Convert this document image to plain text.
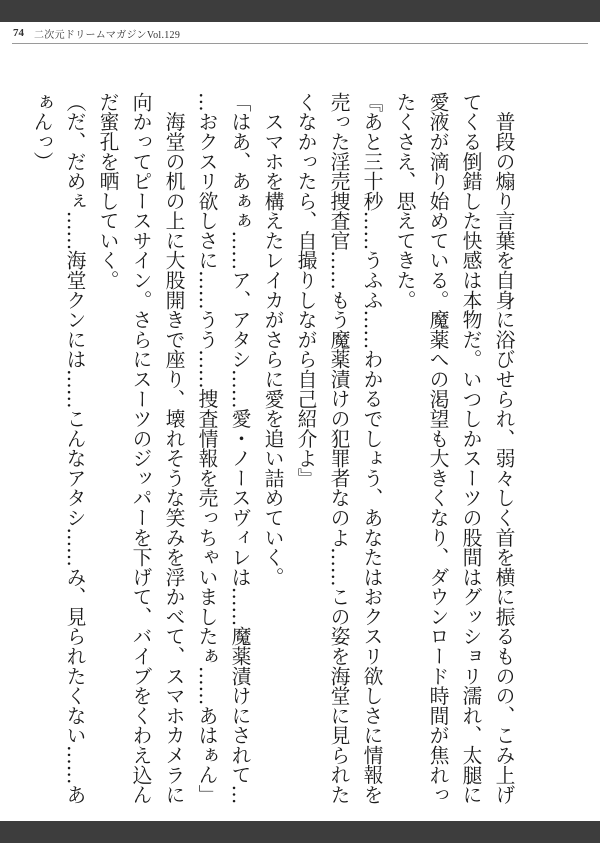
74 二次元ドリームマガジンVol.129
　普段の煽り言葉を自身に浴びせられ、弱々しく首を横に振るものの、こみ上げ
てくる倒錯した快感は本物だ。いつしかスーツの股間はグッショリ濡れ、太腿に
愛液が滴り始めている。魔薬への渇望も大きくなり、ダウンロード時間が焦れっ
たくさえ、思えてきた。
『あと三十秒……うふふ……わかるでしょう、あなたはおクスリ欲しさに情報を
売った淫売捜査官……もう魔薬漬けの犯罪者なのよ……この姿を海堂に見られた
くなかったら、自撮りしながら自己紹介よ』
　スマホを構えたレイカがさらに愛を追い詰めていく。
「はあ、あぁぁ……ア、アタシ……愛・ノースヴィレは……魔薬漬けにされて…
…おクスリ欲しさに……うう……捜査情報を売っちゃいましたぁ……あはぁん」
　海堂の机の上に大股開きで座り、壊れそうな笑みを浮かべて、スマホカメラに
向かってピースサイン。さらにスーツのジッパーを下げて、バイブをくわえ込ん
だ蜜孔を晒していく。
（だ、だめぇ……海堂クンには……こんなアタシ……み、見られたくない……あ
ぁんっ）
